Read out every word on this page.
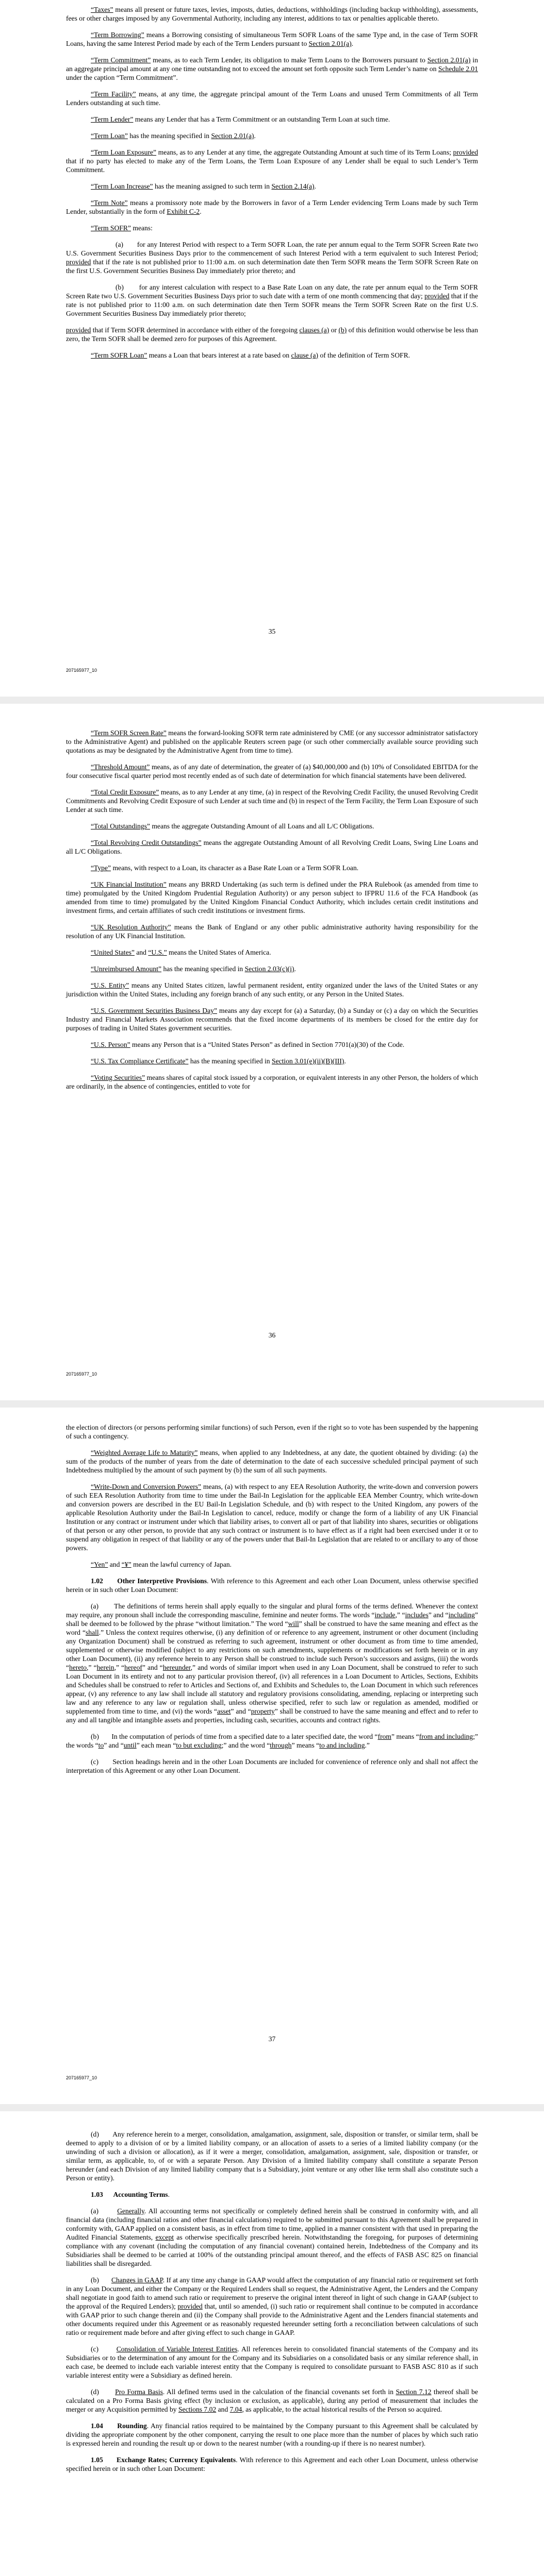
“Taxes” means all present or future taxes, levies, imposts, duties, deductions, withholdings (including backup withholding), assessments, fees or other charges imposed by any Governmental Authority, including any interest, additions to tax or penalties applicable thereto.

“Term Borrowing” means a Borrowing consisting of simultaneous Term SOFR Loans of the same Type and, in the case of Term SOFR Loans, having the same Interest Period made by each of the Term Lenders pursuant to Section 2.01(a).

“Term Commitment” means, as to each Term Lender, its obligation to make Term Loans to the Borrowers pursuant to Section 2.01(a) in an aggregate principal amount at any one time outstanding not to exceed the amount set forth opposite such Term Lender’s name on Schedule 2.01 under the caption “Term Commitment”.

“Term Facility” means, at any time, the aggregate principal amount of the Term Loans and unused Term Commitments of all Term Lenders outstanding at such time.

“Term Lender” means any Lender that has a Term Commitment or an outstanding Term Loan at such time.

“Term Loan” has the meaning specified in Section 2.01(a).

“Term Loan Exposure” means, as to any Lender at any time, the aggregate Outstanding Amount at such time of its Term Loans; provided that if no party has elected to make any of the Term Loans, the Term Loan Exposure of any Lender shall be equal to such Lender’s Term Commitment.

“Term Loan Increase” has the meaning assigned to such term in Section 2.14(a).

“Term Note” means a promissory note made by the Borrowers in favor of a Term Lender evidencing Term Loans made by such Term Lender, substantially in the form of Exhibit C-2.

“Term SOFR” means:

(a)       for any Interest Period with respect to a Term SOFR Loan, the rate per annum equal to the Term SOFR Screen Rate two U.S. Government Securities Business Days prior to the commencement of such Interest Period with a term equivalent to such Interest Period; provided that if the rate is not published prior to 11:00 a.m. on such determination date then Term SOFR means the Term SOFR Screen Rate on the first U.S. Government Securities Business Day immediately prior thereto; and

(b)       for any interest calculation with respect to a Base Rate Loan on any date, the rate per annum equal to the Term SOFR Screen Rate two U.S. Government Securities Business Days prior to such date with a term of one month commencing that day; provided that if the rate is not published prior to 11:00 a.m. on such determination date then Term SOFR means the Term SOFR Screen Rate on the first U.S. Government Securities Business Day immediately prior thereto;

provided that if Term SOFR determined in accordance with either of the foregoing clauses (a) or (b) of this definition would otherwise be less than zero, the Term SOFR shall be deemed zero for purposes of this Agreement.

“Term SOFR Loan” means a Loan that bears interest at a rate based on clause (a) of the definition of Term SOFR.

35
207165977_10

“Term SOFR Screen Rate” means the forward-looking SOFR term rate administered by CME (or any successor administrator satisfactory to the Administrative Agent) and published on the applicable Reuters screen page (or such other commercially available source providing such quotations as may be designated by the Administrative Agent from time to time).

“Threshold Amount” means, as of any date of determination, the greater of (a) $40,000,000 and (b) 10% of Consolidated EBITDA for the four consecutive fiscal quarter period most recently ended as of such date of determination for which financial statements have been delivered.

“Total Credit Exposure” means, as to any Lender at any time, (a) in respect of the Revolving Credit Facility, the unused Revolving Credit Commitments and Revolving Credit Exposure of such Lender at such time and (b) in respect of the Term Facility, the Term Loan Exposure of such Lender at such time.

“Total Outstandings” means the aggregate Outstanding Amount of all Loans and all L/C Obligations.

“Total Revolving Credit Outstandings” means the aggregate Outstanding Amount of all Revolving Credit Loans, Swing Line Loans and all L/C Obligations.

“Type” means, with respect to a Loan, its character as a Base Rate Loan or a Term SOFR Loan.

“UK Financial Institution” means any BRRD Undertaking (as such term is defined under the PRA Rulebook (as amended from time to time) promulgated by the United Kingdom Prudential Regulation Authority) or any person subject to IFPRU 11.6 of the FCA Handbook (as amended from time to time) promulgated by the United Kingdom Financial Conduct Authority, which includes certain credit institutions and investment firms, and certain affiliates of such credit institutions or investment firms.

“UK Resolution Authority” means the Bank of England or any other public administrative authority having responsibility for the resolution of any UK Financial Institution.

“United States” and “U.S.” means the United States of America.

“Unreimbursed Amount” has the meaning specified in Section 2.03(c)(i).

“U.S. Entity” means any United States citizen, lawful permanent resident, entity organized under the laws of the United States or any jurisdiction within the United States, including any foreign branch of any such entity, or any Person in the United States.

“U.S. Government Securities Business Day” means any day except for (a) a Saturday, (b) a Sunday or (c) a day on which the Securities Industry and Financial Markets Association recommends that the fixed income departments of its members be closed for the entire day for purposes of trading in United States government securities.

“U.S. Person” means any Person that is a “United States Person” as defined in Section 7701(a)(30) of the Code.

“U.S. Tax Compliance Certificate” has the meaning specified in Section 3.01(e)(ii)(B)(III).

“Voting Securities” means shares of capital stock issued by a corporation, or equivalent interests in any other Person, the holders of which are ordinarily, in the absence of contingencies, entitled to vote for

36
207165977_10

the election of directors (or persons performing similar functions) of such Person, even if the right so to vote has been suspended by the happening of such a contingency.

“Weighted Average Life to Maturity” means, when applied to any Indebtedness, at any date, the quotient obtained by dividing: (a) the sum of the products of the number of years from the date of determination to the date of each successive scheduled principal payment of such Indebtedness multiplied by the amount of such payment by (b) the sum of all such payments.

“Write-Down and Conversion Powers” means, (a) with respect to any EEA Resolution Authority, the write-down and conversion powers of such EEA Resolution Authority from time to time under the Bail-In Legislation for the applicable EEA Member Country, which write-down and conversion powers are described in the EU Bail-In Legislation Schedule, and (b) with respect to the United Kingdom, any powers of the applicable Resolution Authority under the Bail-In Legislation to cancel, reduce, modify or change the form of a liability of any UK Financial Institution or any contract or instrument under which that liability arises, to convert all or part of that liability into shares, securities or obligations of that person or any other person, to provide that any such contract or instrument is to have effect as if a right had been exercised under it or to suspend any obligation in respect of that liability or any of the powers under that Bail-In Legislation that are related to or ancillary to any of those powers.

“Yen” and “¥” mean the lawful currency of Japan.

1.02      Other Interpretive Provisions. With reference to this Agreement and each other Loan Document, unless otherwise specified herein or in such other Loan Document:

(a)       The definitions of terms herein shall apply equally to the singular and plural forms of the terms defined. Whenever the context may require, any pronoun shall include the corresponding masculine, feminine and neuter forms. The words “include,” “includes” and “including” shall be deemed to be followed by the phrase “without limitation.” The word “will” shall be construed to have the same meaning and effect as the word “shall.” Unless the context requires otherwise, (i) any definition of or reference to any agreement, instrument or other document (including any Organization Document) shall be construed as referring to such agreement, instrument or other document as from time to time amended, supplemented or otherwise modified (subject to any restrictions on such amendments, supplements or modifications set forth herein or in any other Loan Document), (ii) any reference herein to any Person shall be construed to include such Person’s successors and assigns, (iii) the words “hereto,” “herein,” “hereof” and “hereunder,” and words of similar import when used in any Loan Document, shall be construed to refer to such Loan Document in its entirety and not to any particular provision thereof, (iv) all references in a Loan Document to Articles, Sections, Exhibits and Schedules shall be construed to refer to Articles and Sections of, and Exhibits and Schedules to, the Loan Document in which such references appear, (v) any reference to any law shall include all statutory and regulatory provisions consolidating, amending, replacing or interpreting such law and any reference to any law or regulation shall, unless otherwise specified, refer to such law or regulation as amended, modified or supplemented from time to time, and (vi) the words “asset” and “property” shall be construed to have the same meaning and effect and to refer to any and all tangible and intangible assets and properties, including cash, securities, accounts and contract rights.

(b)       In the computation of periods of time from a specified date to a later specified date, the word “from” means “from and including;” the words “to” and “until” each mean “to but excluding;” and the word “through” means “to and including.”

(c)       Section headings herein and in the other Loan Documents are included for convenience of reference only and shall not affect the interpretation of this Agreement or any other Loan Document.

37
207165977_10

(d)       Any reference herein to a merger, consolidation, amalgamation, assignment, sale, disposition or transfer, or similar term, shall be deemed to apply to a division of or by a limited liability company, or an allocation of assets to a series of a limited liability company (or the unwinding of such a division or allocation), as if it were a merger, consolidation, amalgamation, assignment, sale, disposition or transfer, or similar term, as applicable, to, of or with a separate Person. Any Division of a limited liability company shall constitute a separate Person hereunder (and each Division of any limited liability company that is a Subsidiary, joint venture or any other like term shall also constitute such a Person or entity).

1.03      Accounting Terms.

(a)       Generally. All accounting terms not specifically or completely defined herein shall be construed in conformity with, and all financial data (including financial ratios and other financial calculations) required to be submitted pursuant to this Agreement shall be prepared in conformity with, GAAP applied on a consistent basis, as in effect from time to time, applied in a manner consistent with that used in preparing the Audited Financial Statements, except as otherwise specifically prescribed herein. Notwithstanding the foregoing, for purposes of determining compliance with any covenant (including the computation of any financial covenant) contained herein, Indebtedness of the Company and its Subsidiaries shall be deemed to be carried at 100% of the outstanding principal amount thereof, and the effects of FASB ASC 825 on financial liabilities shall be disregarded.

(b)       Changes in GAAP. If at any time any change in GAAP would affect the computation of any financial ratio or requirement set forth in any Loan Document, and either the Company or the Required Lenders shall so request, the Administrative Agent, the Lenders and the Company shall negotiate in good faith to amend such ratio or requirement to preserve the original intent thereof in light of such change in GAAP (subject to the approval of the Required Lenders); provided that, until so amended, (i) such ratio or requirement shall continue to be computed in accordance with GAAP prior to such change therein and (ii) the Company shall provide to the Administrative Agent and the Lenders financial statements and other documents required under this Agreement or as reasonably requested hereunder setting forth a reconciliation between calculations of such ratio or requirement made before and after giving effect to such change in GAAP.

(c)       Consolidation of Variable Interest Entities. All references herein to consolidated financial statements of the Company and its Subsidiaries or to the determination of any amount for the Company and its Subsidiaries on a consolidated basis or any similar reference shall, in each case, be deemed to include each variable interest entity that the Company is required to consolidate pursuant to FASB ASC 810 as if such variable interest entity were a Subsidiary as defined herein.

(d)       Pro Forma Basis. All defined terms used in the calculation of the financial covenants set forth in Section 7.12 thereof shall be calculated on a Pro Forma Basis giving effect (by inclusion or exclusion, as applicable), during any period of measurement that includes the merger or any Acquisition permitted by Sections 7.02 and 7.04, as applicable, to the actual historical results of the Person so acquired.

1.04      Rounding. Any financial ratios required to be maintained by the Company pursuant to this Agreement shall be calculated by dividing the appropriate component by the other component, carrying the result to one place more than the number of places by which such ratio is expressed herein and rounding the result up or down to the nearest number (with a rounding-up if there is no nearest number).

1.05      Exchange Rates; Currency Equivalents. With reference to this Agreement and each other Loan Document, unless otherwise specified herein or in such other Loan Document:
